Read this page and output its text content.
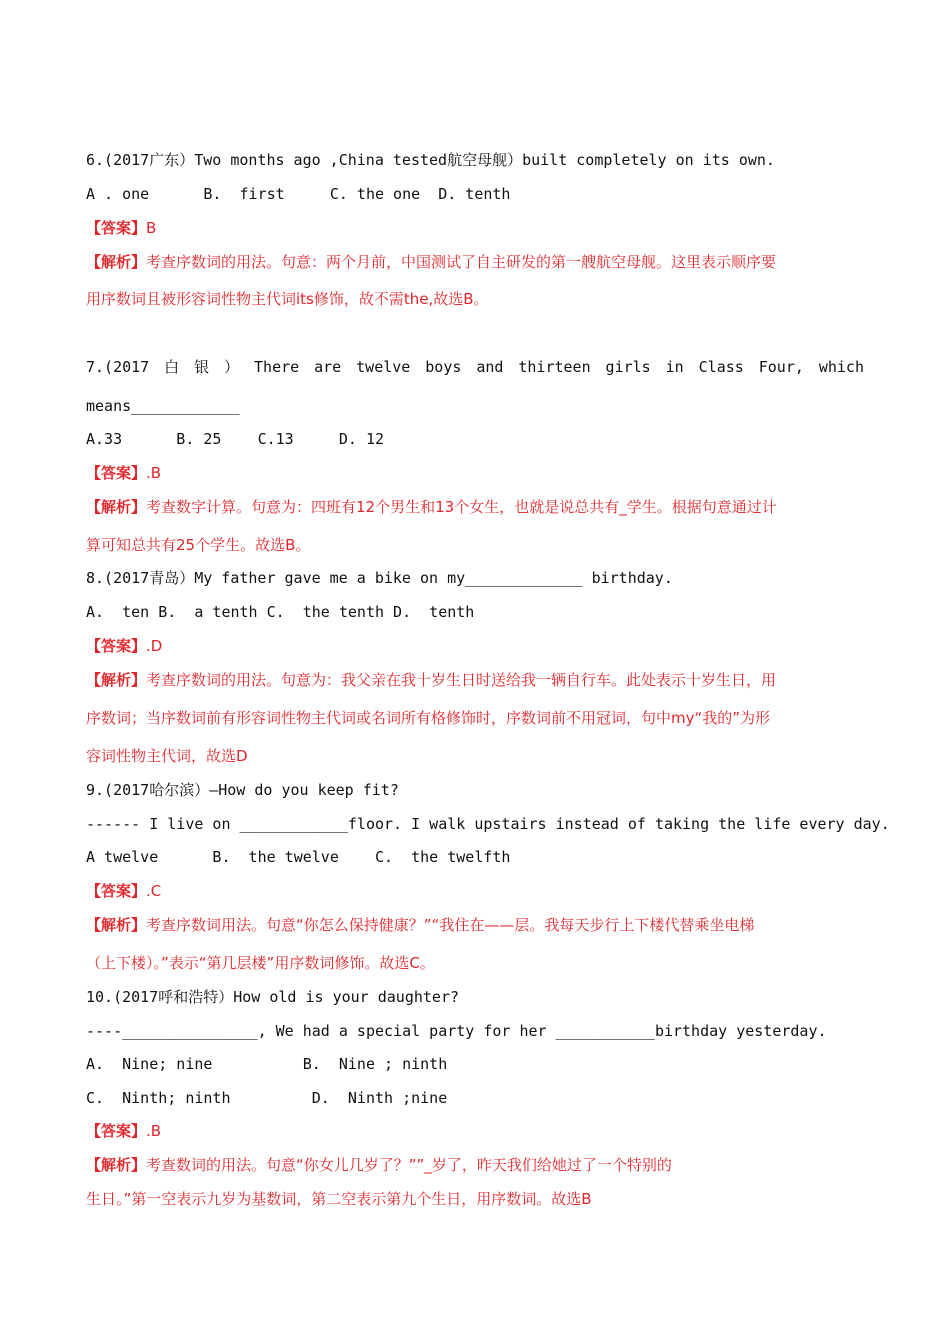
6.(2017广东）Two months ago ,China tested航空母舰）built completely on its own.
A . one      B.  first     C. the one  D. tenth
【答案】B
【解析】考查序数词的用法。句意：两个月前，中国测试了自主研发的第一艘航空母舰。这里表示顺序要
用序数词且被形容词性物主代词its修饰，故不需the,故选B。
7.(2017 白 银 ） There are twelve boys and thirteen girls in Class Four, which
means____________
A.33      B. 25    C.13     D. 12
【答案】.B
【解析】考查数字计算。句意为：四班有12个男生和13个女生，也就是说总共有_学生。根据句意通过计
算可知总共有25个学生。故选B。
8.(2017青岛）My father gave me a bike on my_____________ birthday.
A.  ten B.  a tenth C.  the tenth D.  tenth
【答案】.D
【解析】考查序数词的用法。句意为：我父亲在我十岁生日时送给我一辆自行车。此处表示十岁生日，用
序数词；当序数词前有形容词性物主代词或名词所有格修饰时，序数词前不用冠词，句中my“我的”为形
容词性物主代词，故选D
9.(2017哈尔滨）—How do you keep fit?
------ I live on ____________floor. I walk upstairs instead of taking the life every day.
A twelve      B.  the twelve    C.  the twelfth
【答案】.C
【解析】考查序数词用法。句意“你怎么保持健康？”“我住在——层。我每天步行上下楼代替乘坐电梯
（上下楼）。”表示“第几层楼”用序数词修饰。故选C。
10.(2017呼和浩特）How old is your daughter?
----_______________, We had a special party for her ___________birthday yesterday.
A.  Nine; nine          B.  Nine ; ninth
C.  Ninth; ninth         D.  Ninth ;nine
【答案】.B
【解析】考查数词的用法。句意“你女儿几岁了？””_岁了，昨天我们给她过了一个特别的
生日。”第一空表示九岁为基数词，第二空表示第九个生日，用序数词。故选B
